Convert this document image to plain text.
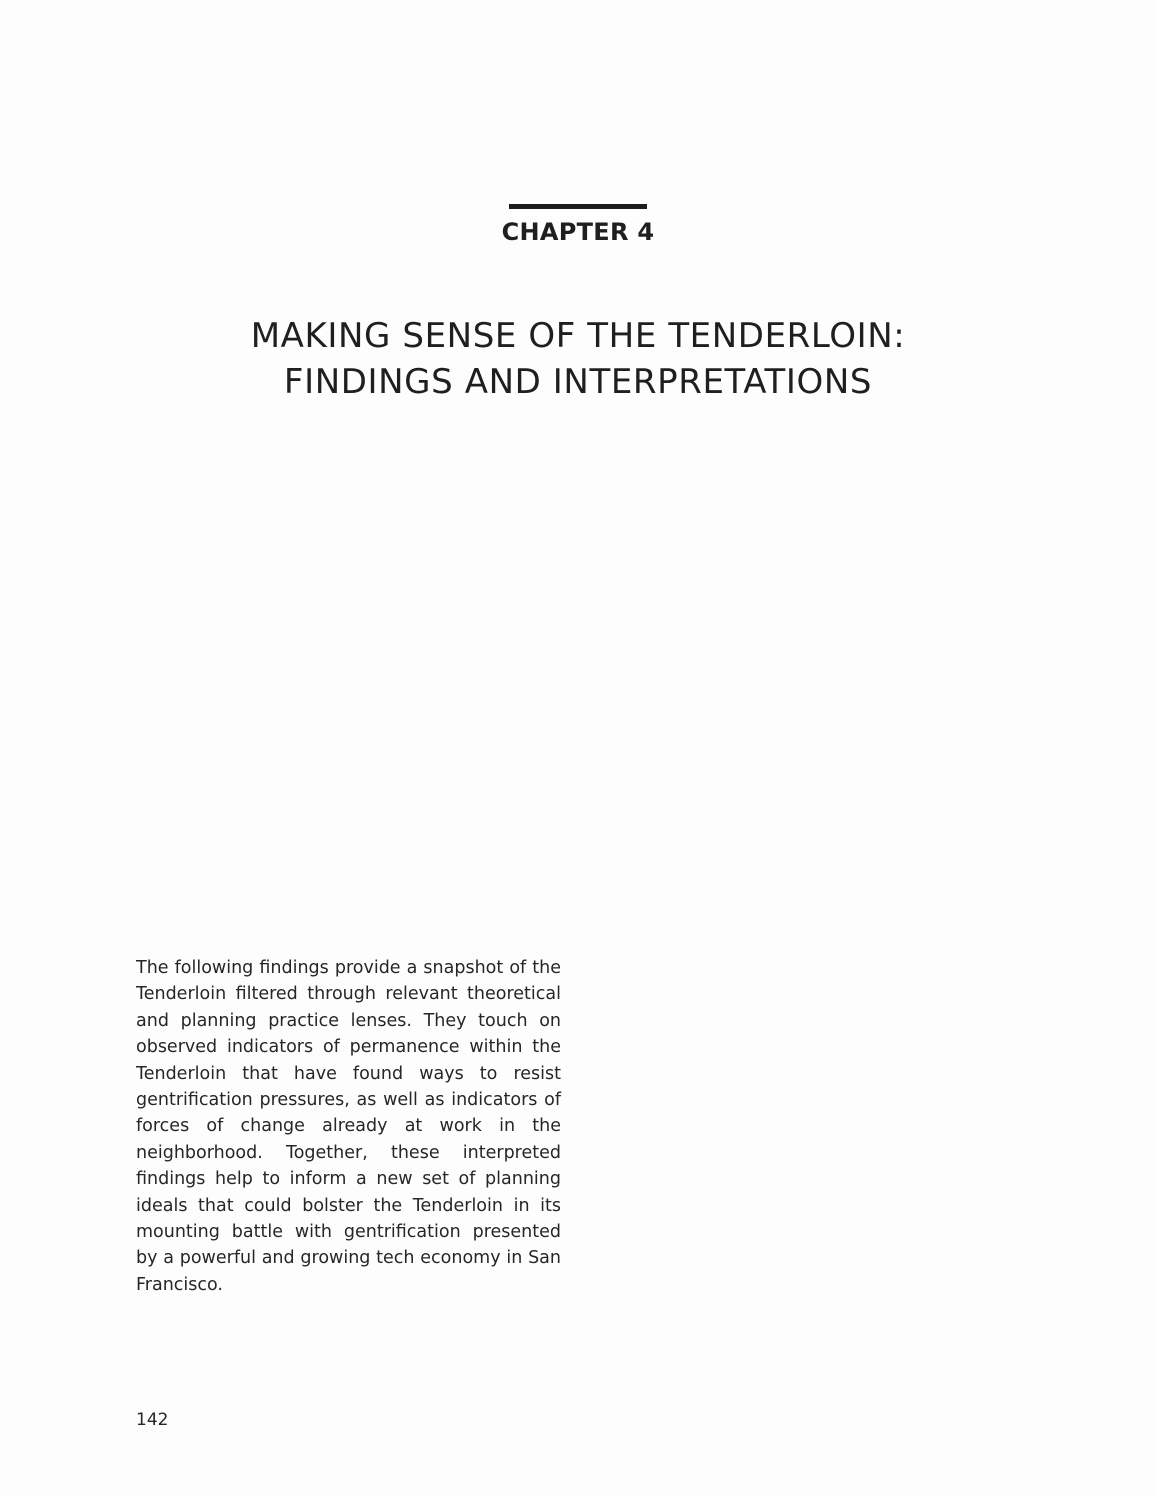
CHAPTER 4
MAKING SENSE OF THE TENDERLOIN:
FINDINGS AND INTERPRETATIONS

The following findings provide a snapshot of the Tenderloin filtered through relevant theoretical and planning practice lenses. They touch on observed indicators of permanence within the Tenderloin that have found ways to resist gentrification pressures, as well as indicators of forces of change already at work in the neighborhood. Together, these interpreted findings help to inform a new set of planning ideals that could bolster the Tenderloin in its mounting battle with gentrification presented by a powerful and growing tech economy in San Francisco.

142
